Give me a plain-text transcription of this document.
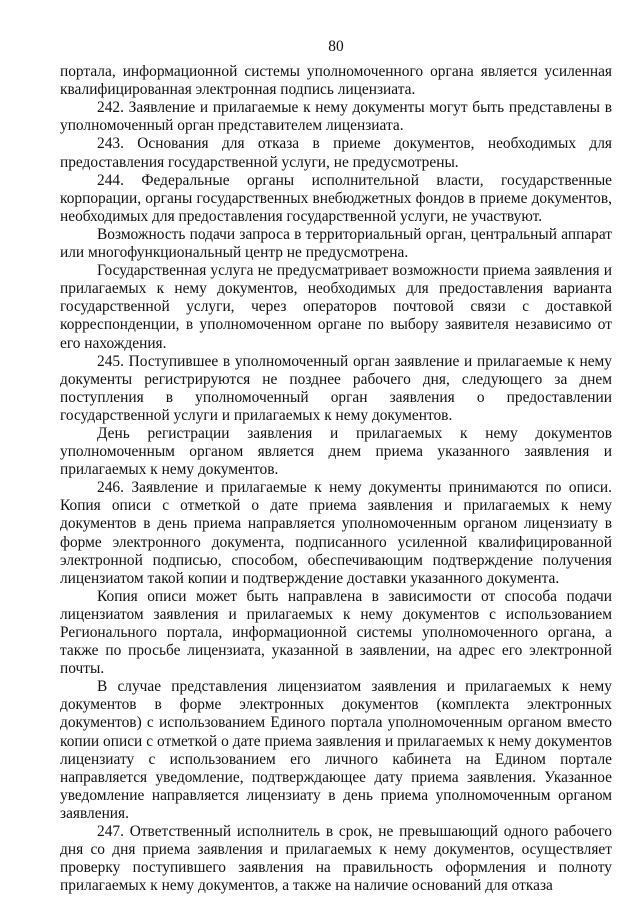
80

портала, информационной системы уполномоченного органа является усиленная квалифицированная электронная подпись лицензиата.

242. Заявление и прилагаемые к нему документы могут быть представлены в уполномоченный орган представителем лицензиата.

243. Основания для отказа в приеме документов, необходимых для предоставления государственной услуги, не предусмотрены.

244. Федеральные органы исполнительной власти, государственные корпорации, органы государственных внебюджетных фондов в приеме документов, необходимых для предоставления государственной услуги, не участвуют.

Возможность подачи запроса в территориальный орган, центральный аппарат или многофункциональный центр не предусмотрена.

Государственная услуга не предусматривает возможности приема заявления и прилагаемых к нему документов, необходимых для предоставления варианта государственной услуги, через операторов почтовой связи с доставкой корреспонденции, в уполномоченном органе по выбору заявителя независимо от его нахождения.

245. Поступившее в уполномоченный орган заявление и прилагаемые к нему документы регистрируются не позднее рабочего дня, следующего за днем поступления в уполномоченный орган заявления о предоставлении государственной услуги и прилагаемых к нему документов.

День регистрации заявления и прилагаемых к нему документов уполномоченным органом является днем приема указанного заявления и прилагаемых к нему документов.

246. Заявление и прилагаемые к нему документы принимаются по описи. Копия описи с отметкой о дате приема заявления и прилагаемых к нему документов в день приема направляется уполномоченным органом лицензиату в форме электронного документа, подписанного усиленной квалифицированной электронной подписью, способом, обеспечивающим подтверждение получения лицензиатом такой копии и подтверждение доставки указанного документа.

Копия описи может быть направлена в зависимости от способа подачи лицензиатом заявления и прилагаемых к нему документов с использованием Регионального портала, информационной системы уполномоченного органа, а также по просьбе лицензиата, указанной в заявлении, на адрес его электронной почты.

В случае представления лицензиатом заявления и прилагаемых к нему документов в форме электронных документов (комплекта электронных документов) с использованием Единого портала уполномоченным органом вместо копии описи с отметкой о дате приема заявления и прилагаемых к нему документов лицензиату с использованием его личного кабинета на Едином портале направляется уведомление, подтверждающее дату приема заявления. Указанное уведомление направляется лицензиату в день приема уполномоченным органом заявления.

247. Ответственный исполнитель в срок, не превышающий одного рабочего дня со дня приема заявления и прилагаемых к нему документов, осуществляет проверку поступившего заявления на правильность оформления и полноту прилагаемых к нему документов, а также на наличие оснований для отказа
